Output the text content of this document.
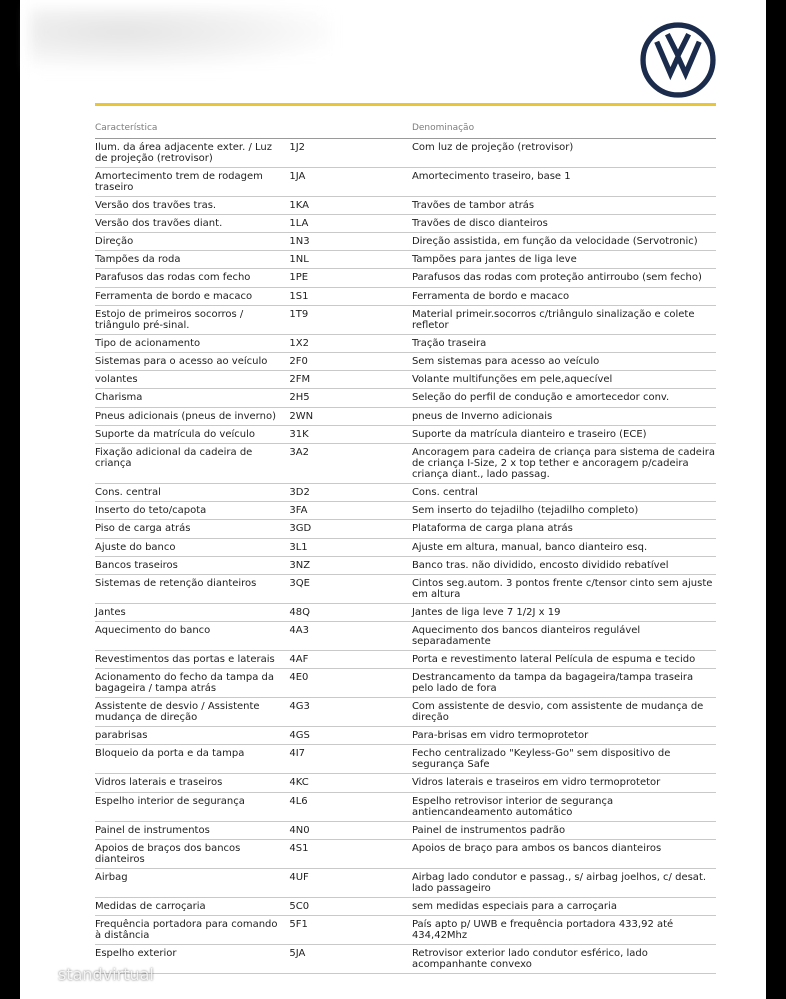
Característica		Denominação
Ilum. da área adjacente exter. / Luz de projeção (retrovisor)	1J2	Com luz de projeção (retrovisor)
Amortecimento trem de rodagem traseiro	1JA	Amortecimento traseiro, base 1
Versão dos travões tras.	1KA	Travões de tambor atrás
Versão dos travões diant.	1LA	Travões de disco dianteiros
Direção	1N3	Direção assistida, em função da velocidade (Servotronic)
Tampões da roda	1NL	Tampões para jantes de liga leve
Parafusos das rodas com fecho	1PE	Parafusos das rodas com proteção antirroubo (sem fecho)
Ferramenta de bordo e macaco	1S1	Ferramenta de bordo e macaco
Estojo de primeiros socorros / triângulo pré-sinal.	1T9	Material primeir.socorros c/triângulo sinalização e colete refletor
Tipo de acionamento	1X2	Tração traseira
Sistemas para o acesso ao veículo	2F0	Sem sistemas para acesso ao veículo
volantes	2FM	Volante multifunções em pele,aquecível
Charisma	2H5	Seleção do perfil de condução e amortecedor conv.
Pneus adicionais (pneus de inverno)	2WN	pneus de Inverno adicionais
Suporte da matrícula do veículo	31K	Suporte da matrícula dianteiro e traseiro (ECE)
Fixação adicional da cadeira de criança	3A2	Ancoragem para cadeira de criança para sistema de cadeira de criança I-Size, 2 x top tether e ancoragem p/cadeira criança diant., lado passag.
Cons. central	3D2	Cons. central
Inserto do teto/capota	3FA	Sem inserto do tejadilho (tejadilho completo)
Piso de carga atrás	3GD	Plataforma de carga plana atrás
Ajuste do banco	3L1	Ajuste em altura, manual, banco dianteiro esq.
Bancos traseiros	3NZ	Banco tras. não dividido, encosto dividido rebatível
Sistemas de retenção dianteiros	3QE	Cintos seg.autom. 3 pontos frente c/tensor cinto sem ajuste em altura
Jantes	48Q	Jantes de liga leve 7 1/2J x 19
Aquecimento do banco	4A3	Aquecimento dos bancos dianteiros regulável separadamente
Revestimentos das portas e laterais	4AF	Porta e revestimento lateral Película de espuma e tecido
Acionamento do fecho da tampa da bagageira / tampa atrás	4E0	Destrancamento da tampa da bagageira/tampa traseira pelo lado de fora
Assistente de desvio / Assistente mudança de direção	4G3	Com assistente de desvio, com assistente de mudança de direção
parabrisas	4GS	Para-brisas em vidro termoprotetor
Bloqueio da porta e da tampa	4I7	Fecho centralizado "Keyless-Go" sem dispositivo de segurança Safe
Vidros laterais e traseiros	4KC	Vidros laterais e traseiros em vidro termoprotetor
Espelho interior de segurança	4L6	Espelho retrovisor interior de segurança antiencandeamento automático
Painel de instrumentos	4N0	Painel de instrumentos padrão
Apoios de braços dos bancos dianteiros	4S1	Apoios de braço para ambos os bancos dianteiros
Airbag	4UF	Airbag lado condutor e passag., s/ airbag joelhos, c/ desat. lado passageiro
Medidas de carroçaria	5C0	sem medidas especiais para a carroçaria
Frequência portadora para comando à distância	5F1	País apto p/ UWB e frequência portadora 433,92 até 434,42Mhz
Espelho exterior	5JA	Retrovisor exterior lado condutor esférico, lado acompanhante convexo
standvirtual
